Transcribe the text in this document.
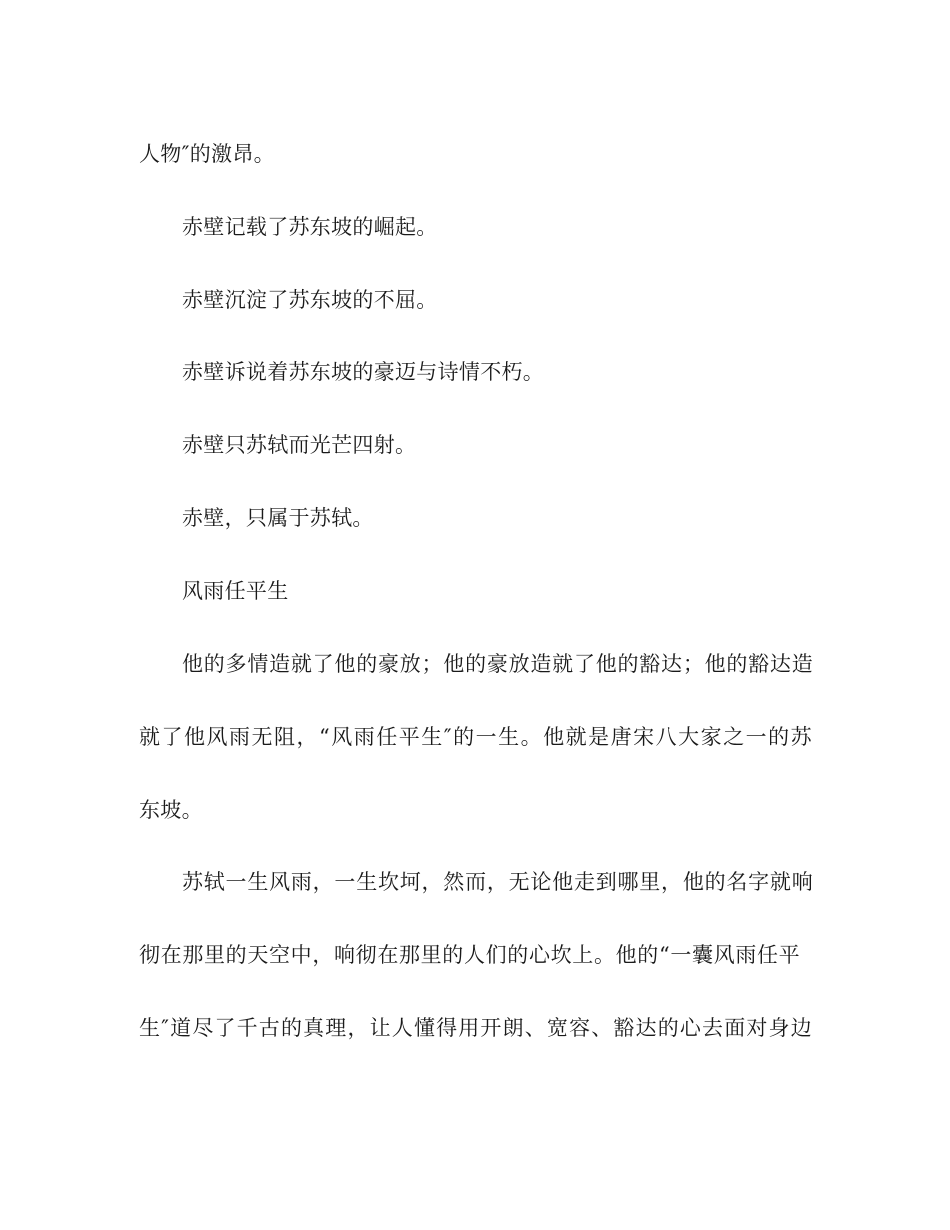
人物″的激昂。
赤壁记载了苏东坡的崛起。
赤壁沉淀了苏东坡的不屈。
赤壁诉说着苏东坡的豪迈与诗情不朽。
赤壁只苏轼而光芒四射。
赤壁，只属于苏轼。
风雨任平生
他的多情造就了他的豪放；他的豪放造就了他的豁达；他的豁达造
就了他风雨无阻，“风雨任平生″的一生。他就是唐宋八大家之一的苏
东坡。
苏轼一生风雨，一生坎坷，然而，无论他走到哪里，他的名字就响
彻在那里的天空中，响彻在那里的人们的心坎上。他的“一囊风雨任平
生″道尽了千古的真理，让人懂得用开朗、宽容、豁达的心去面对身边
